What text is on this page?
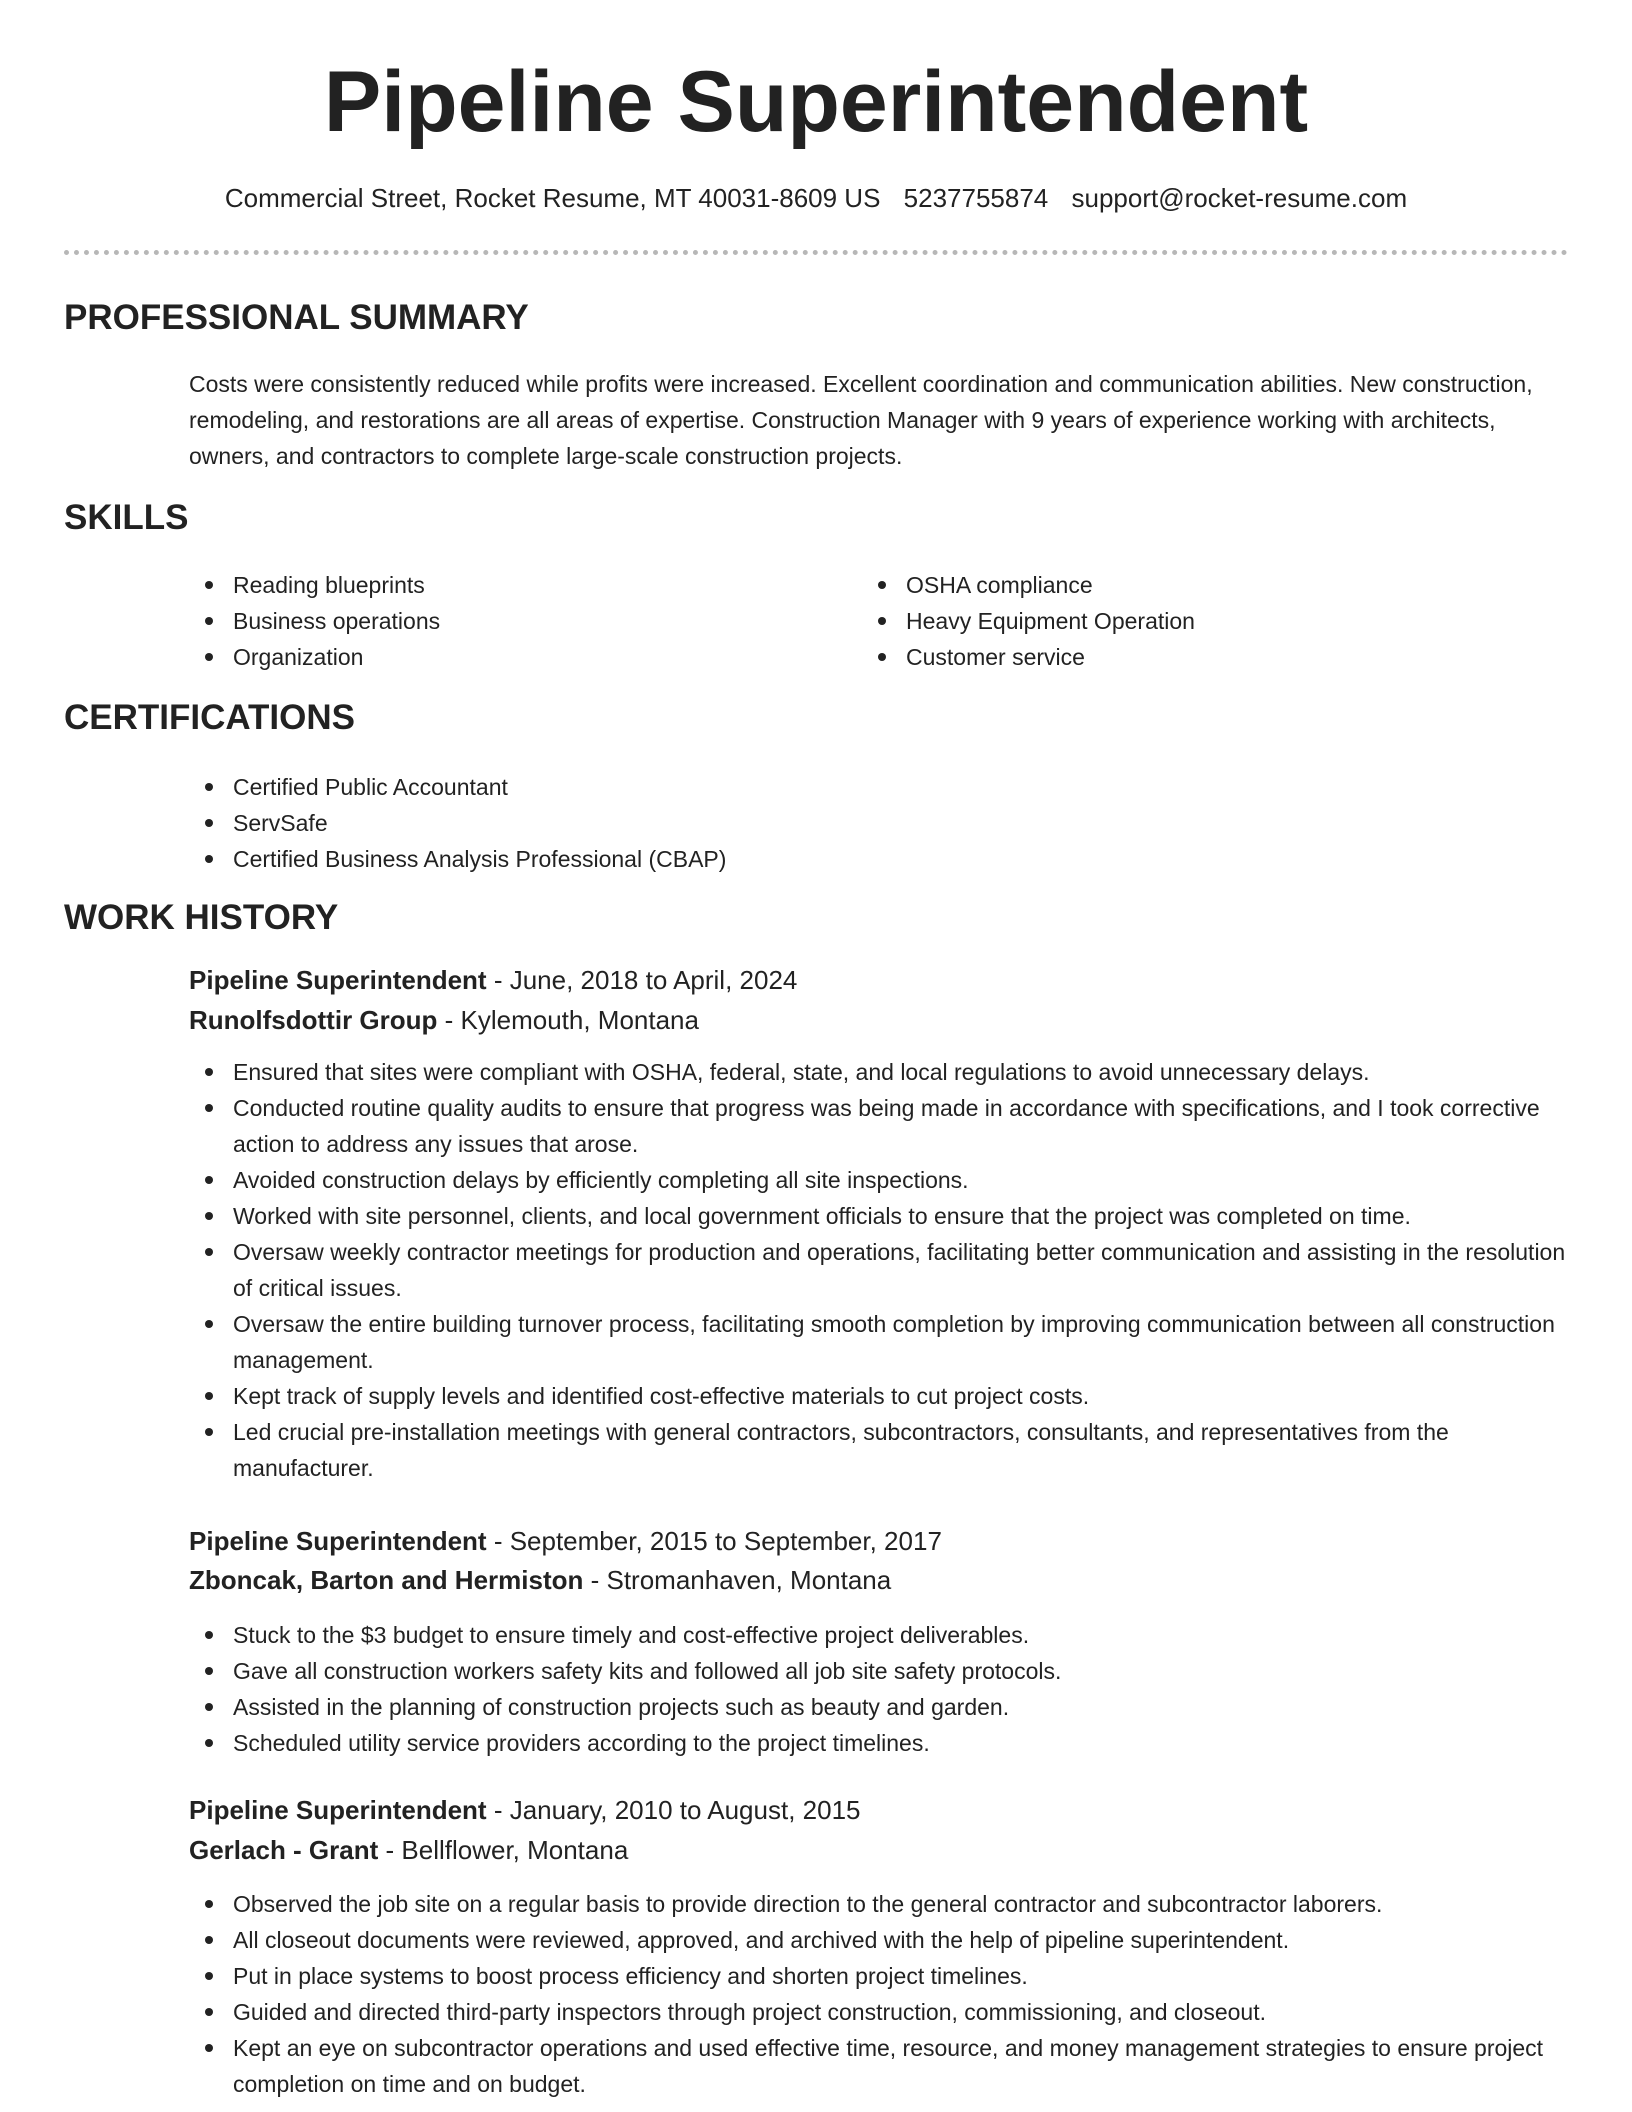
Pipeline Superintendent
Commercial Street, Rocket Resume, MT 40031-8609 US 5237755874 support@rocket-resume.com
PROFESSIONAL SUMMARY

Costs were consistently reduced while profits were increased. Excellent coordination and communication abilities. New construction, remodeling, and restorations are all areas of expertise. Construction Manager with 9 years of experience working with architects, owners, and contractors to complete large-scale construction projects.

SKILLS
Reading blueprints
Business operations
Organization
OSHA compliance
Heavy Equipment Operation
Customer service
CERTIFICATIONS
Certified Public Accountant
ServSafe
Certified Business Analysis Professional (CBAP)
WORK HISTORY
Pipeline Superintendent - June, 2018 to April, 2024
Runolfsdottir Group - Kylemouth, Montana
Ensured that sites were compliant with OSHA, federal, state, and local regulations to avoid unnecessary delays.
Conducted routine quality audits to ensure that progress was being made in accordance with specifications, and I took corrective action to address any issues that arose.
Avoided construction delays by efficiently completing all site inspections.
Worked with site personnel, clients, and local government officials to ensure that the project was completed on time.
Oversaw weekly contractor meetings for production and operations, facilitating better communication and assisting in the resolution of critical issues.
Oversaw the entire building turnover process, facilitating smooth completion by improving communication between all construction management.
Kept track of supply levels and identified cost-effective materials to cut project costs.
Led crucial pre-installation meetings with general contractors, subcontractors, consultants, and representatives from the manufacturer.
Pipeline Superintendent - September, 2015 to September, 2017
Zboncak, Barton and Hermiston - Stromanhaven, Montana
Stuck to the $3 budget to ensure timely and cost-effective project deliverables.
Gave all construction workers safety kits and followed all job site safety protocols.
Assisted in the planning of construction projects such as beauty and garden.
Scheduled utility service providers according to the project timelines.
Pipeline Superintendent - January, 2010 to August, 2015
Gerlach - Grant - Bellflower, Montana
Observed the job site on a regular basis to provide direction to the general contractor and subcontractor laborers.
All closeout documents were reviewed, approved, and archived with the help of pipeline superintendent.
Put in place systems to boost process efficiency and shorten project timelines.
Guided and directed third-party inspectors through project construction, commissioning, and closeout.
Kept an eye on subcontractor operations and used effective time, resource, and money management strategies to ensure project completion on time and on budget.
